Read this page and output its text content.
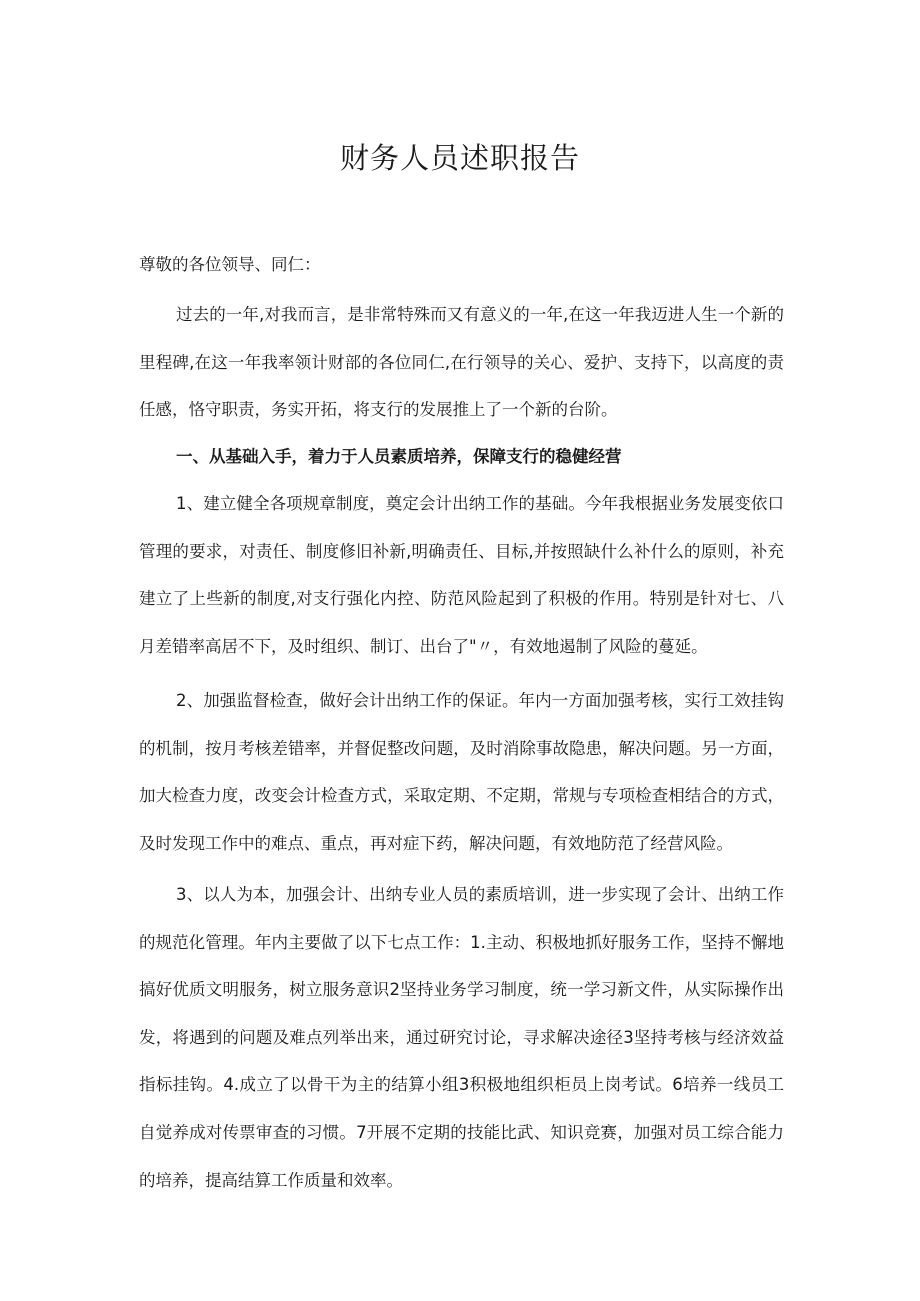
财务人员述职报告

尊敬的各位领导、同仁：

过去的一年,对我而言，是非常特殊而又有意义的一年,在这一年我迈进人生一个新的里程碑,在这一年我率领计财部的各位同仁,在行领导的关心、爱护、支持下，以高度的责任感，恪守职责，务实开拓，将支行的发展推上了一个新的台阶。

一、从基础入手，着力于人员素质培养，保障支行的稳健经营

1、建立健全各项规章制度，奠定会计出纳工作的基础。今年我根据业务发展变依口管理的要求，对责任、制度修旧补新,明确责任、目标,并按照缺什么补什么的原则，补充建立了上些新的制度,对支行强化内控、防范风险起到了积极的作用。特别是针对七、八月差错率高居不下，及时组织、制订、出台了"〃，有效地遏制了风险的蔓延。

2、加强监督检查，做好会计出纳工作的保证。年内一方面加强考核，实行工效挂钩的机制，按月考核差错率，并督促整改问题，及时消除事故隐患，解决问题。另一方面，加大检查力度，改变会计检查方式，采取定期、不定期，常规与专项检查相结合的方式，及时发现工作中的难点、重点，再对症下药，解决问题，有效地防范了经营风险。

3、以人为本，加强会计、出纳专业人员的素质培训，进一步实现了会计、出纳工作的规范化管理。年内主要做了以下七点工作：1.主动、积极地抓好服务工作，坚持不懈地搞好优质文明服务，树立服务意识2坚持业务学习制度，统一学习新文件，从实际操作出发，将遇到的问题及难点列举出来，通过研究讨论，寻求解决途径3坚持考核与经济效益指标挂钩。4.成立了以骨干为主的结算小组3积极地组织柜员上岗考试。6培养一线员工自觉养成对传票审查的习惯。7开展不定期的技能比武、知识竞赛，加强对员工综合能力的培养，提高结算工作质量和效率。
